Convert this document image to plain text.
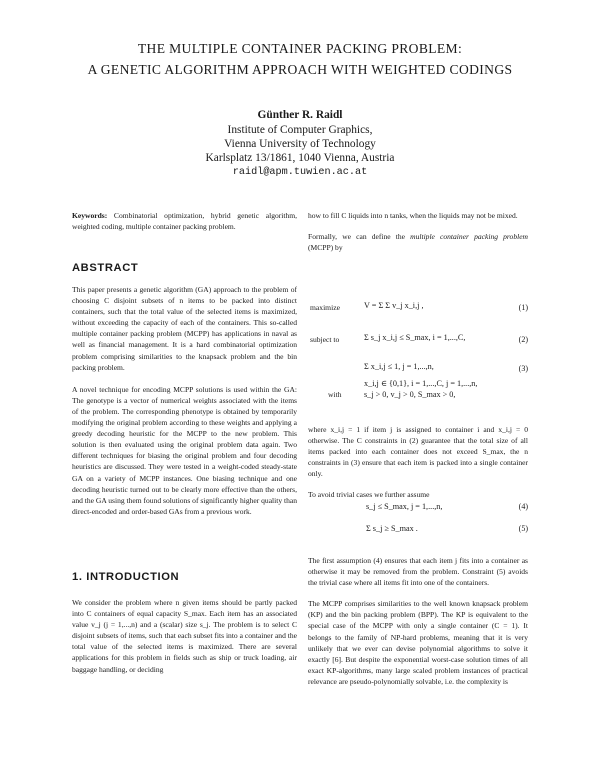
THE MULTIPLE CONTAINER PACKING PROBLEM:
A GENETIC ALGORITHM APPROACH WITH WEIGHTED CODINGS
Günther R. Raidl
Institute of Computer Graphics,
Vienna University of Technology
Karlsplatz 13/1861, 1040 Vienna, Austria
raidl@apm.tuwien.ac.at

Keywords: Combinatorial optimization, hybrid genetic algorithm, weighted coding, multiple container packing problem.

ABSTRACT

This paper presents a genetic algorithm (GA) approach to the problem of choosing C disjoint subsets of n items to be packed into distinct containers, such that the total value of the selected items is maximized, without exceeding the capacity of each of the containers. This so-called multiple container packing problem (MCPP) has applications in naval as well as financial management. It is a hard combinatorial optimization problem comprising similarities to the knapsack problem and the bin packing problem.

A novel technique for encoding MCPP solutions is used within the GA: The genotype is a vector of numerical weights associated with the items of the problem. The corresponding phenotype is obtained by temporarily modifying the original problem according to these weights and applying a greedy decoding heuristic for the MCPP to the new problem. This solution is then evaluated using the original problem data again. Two different techniques for biasing the original problem and four decoding heuristics are discussed. They were tested in a weight-coded steady-state GA on a variety of MCPP instances. One biasing technique and one decoding heuristic turned out to be clearly more effective than the others, and the GA using them found solutions of significantly higher quality than direct-encoded and order-based GAs from a previous work.

1. INTRODUCTION

We consider the problem where n given items should be partly packed into C containers of equal capacity S_max. Each item has an associated value v_j (j = 1,...,n) and a (scalar) size s_j. The problem is to select C disjoint subsets of items, such that each subset fits into a container and the total value of the selected items is maximized. There are several applications for this problem in fields such as ship or truck loading, air baggage handling, or deciding

how to fill C liquids into n tanks, when the liquids may not be mixed.

Formally, we can define the multiple container packing problem (MCPP) by

maximize	V = Σ Σ v_j x_i,j ,	(1)
subject to	Σ s_j x_i,j ≤ S_max, i = 1,...,C,	(2)
Σ x_i,j ≤ 1, j = 1,...,n,	(3)
x_i,j ∈ {0,1}, i = 1,...,C, j = 1,...,n,
with	s_j > 0, v_j > 0, S_max > 0,

where x_i,j = 1 if item j is assigned to container i and x_i,j = 0 otherwise. The C constraints in (2) guarantee that the total size of all items packed into each container does not exceed S_max, the n constraints in (3) ensure that each item is packed into a single container only.

To avoid trivial cases we further assume

s_j ≤ S_max, j = 1,...,n,	(4)
Σ s_j ≥ S_max .	(5)

The first assumption (4) ensures that each item j fits into a container as otherwise it may be removed from the problem. Constraint (5) avoids the trivial case where all items fit into one of the containers.

The MCPP comprises similarities to the well known knapsack problem (KP) and the bin packing problem (BPP). The KP is equivalent to the special case of the MCPP with only a single container (C = 1). It belongs to the family of NP-hard problems, meaning that it is very unlikely that we ever can devise polynomial algorithms to solve it exactly [6]. But despite the exponential worst-case solution times of all exact KP-algorithms, many large scaled problem instances of practical relevance are pseudo-polynomially solvable, i.e. the complexity is
